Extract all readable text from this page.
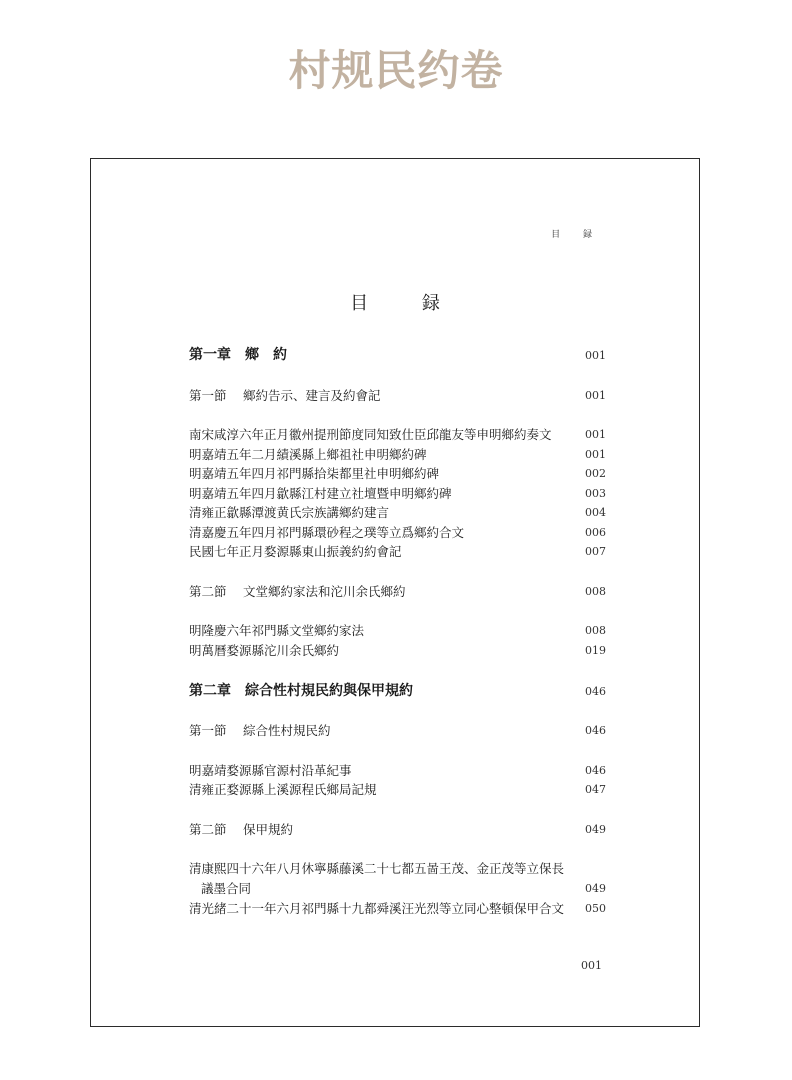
村规民约卷
目 録
目 録
第一章　鄉　約	001
第一節　 鄉約告示、建言及約會記	001
南宋咸淳六年正月徽州提刑節度同知致仕臣邱龍友等申明鄉約奏文	001
明嘉靖五年二月績溪縣上鄉祖社申明鄉約碑	001
明嘉靖五年四月祁門縣拾柒都里社申明鄉約碑	002
明嘉靖五年四月歙縣江村建立社壇暨申明鄉約碑	003
清雍正歙縣潭渡黄氏宗族講鄉約建言	004
清嘉慶五年四月祁門縣環砂程之璞等立爲鄉約合文	006
民國七年正月婺源縣東山振義約約會記	007
第二節　 文堂鄉約家法和沱川余氏鄉約	008
明隆慶六年祁門縣文堂鄉約家法	008
明萬曆婺源縣沱川余氏鄉約	019
第二章　綜合性村規民約與保甲規約	046
第一節　 綜合性村規民約	046
明嘉靖婺源縣官源村沿革紀事	046
清雍正婺源縣上溪源程氏鄉局記規	047
第二節　 保甲規約	049
清康熙四十六年八月休寧縣藤溪二十七都五啚王茂、金正茂等立保長
議墨合同	049
清光緒二十一年六月祁門縣十九都舜溪汪光烈等立同心整頓保甲合文	050
001
